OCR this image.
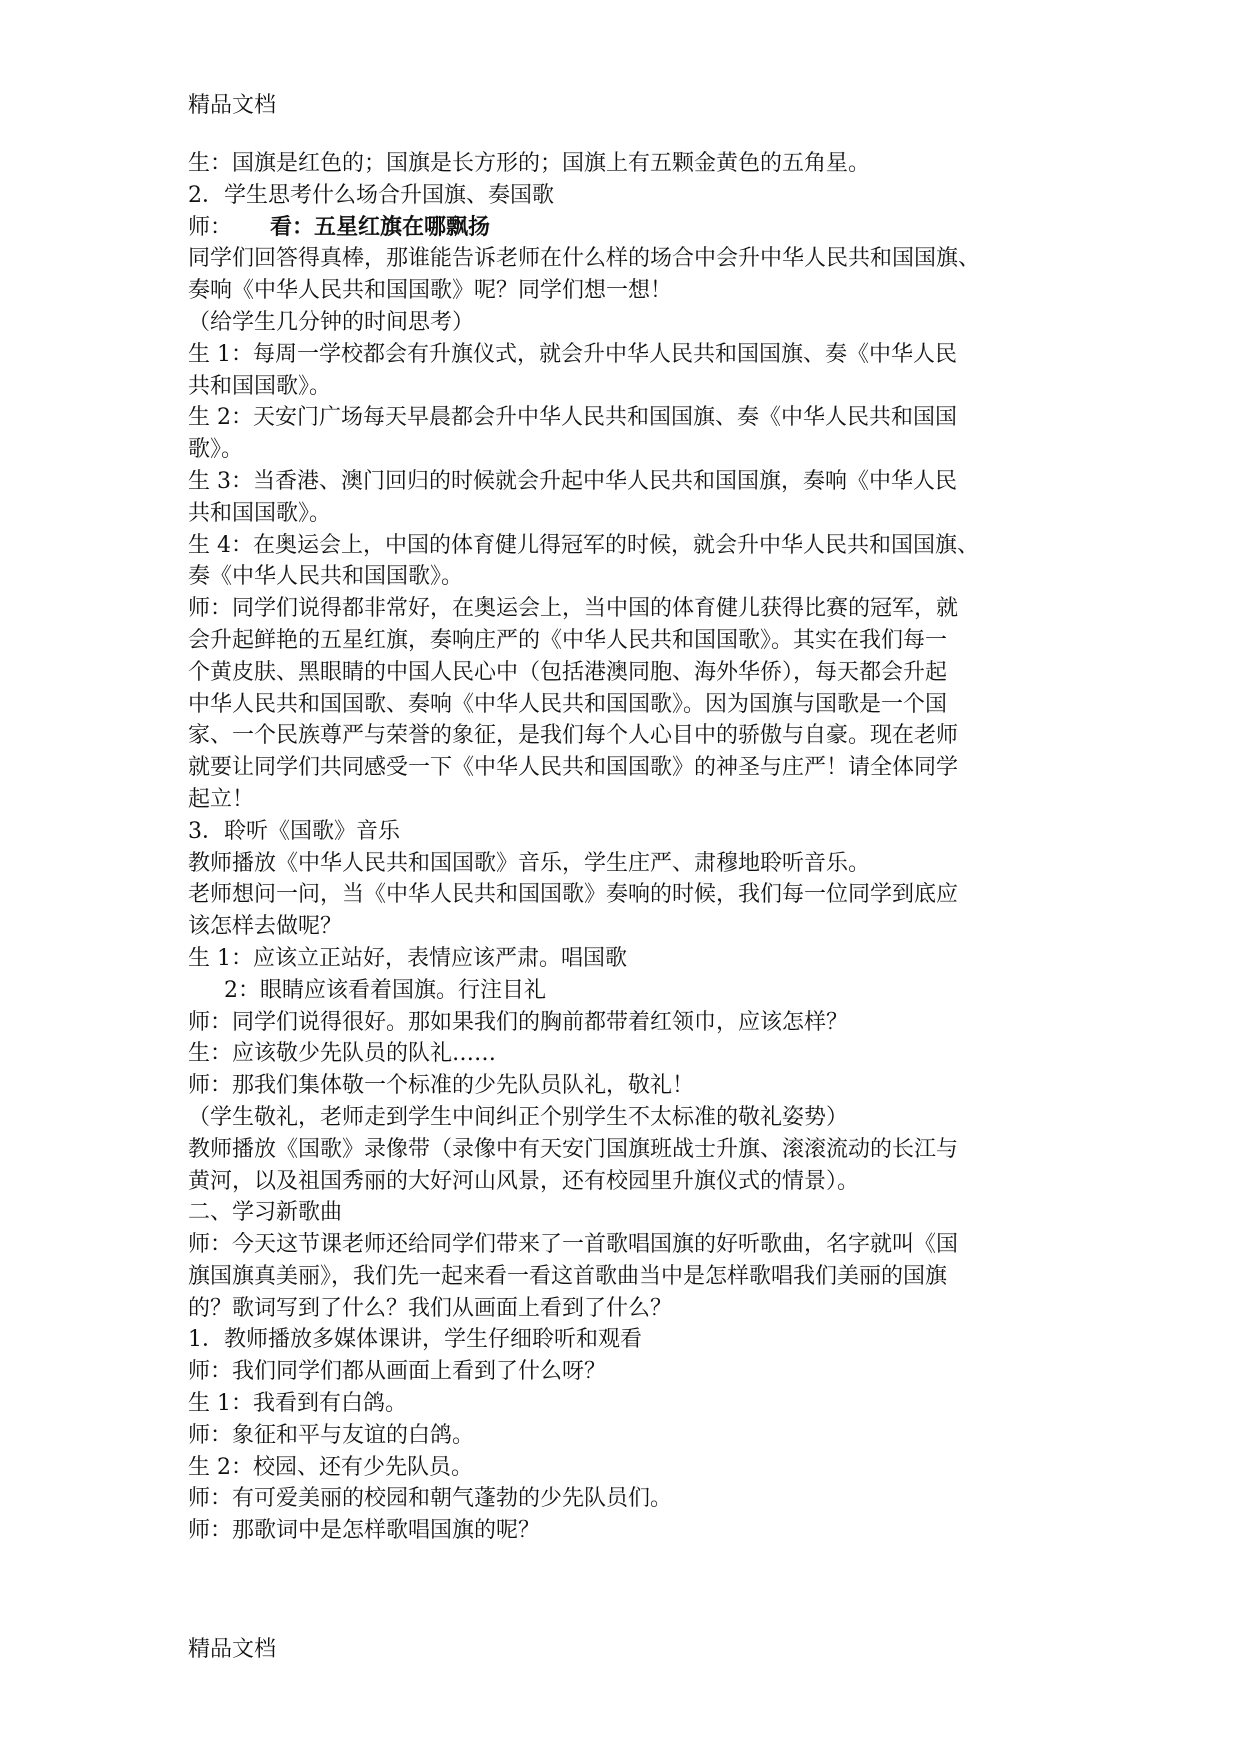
精品文档
生：国旗是红色的；国旗是长方形的；国旗上有五颗金黄色的五角星。
2．学生思考什么场合升国旗、奏国歌
师： 看：五星红旗在哪飘扬
同学们回答得真棒，那谁能告诉老师在什么样的场合中会升中华人民共和国国旗、
奏响《中华人民共和国国歌》呢？同学们想一想！
（给学生几分钟的时间思考）
生 1：每周一学校都会有升旗仪式，就会升中华人民共和国国旗、奏《中华人民
共和国国歌》。
生 2：天安门广场每天早晨都会升中华人民共和国国旗、奏《中华人民共和国国
歌》。
生 3：当香港、澳门回归的时候就会升起中华人民共和国国旗，奏响《中华人民
共和国国歌》。
生 4：在奥运会上，中国的体育健儿得冠军的时候，就会升中华人民共和国国旗、
奏《中华人民共和国国歌》。
师：同学们说得都非常好，在奥运会上，当中国的体育健儿获得比赛的冠军，就
会升起鲜艳的五星红旗，奏响庄严的《中华人民共和国国歌》。其实在我们每一
个黄皮肤、黑眼睛的中国人民心中（包括港澳同胞、海外华侨），每天都会升起
中华人民共和国国歌、奏响《中华人民共和国国歌》。因为国旗与国歌是一个国
家、一个民族尊严与荣誉的象征，是我们每个人心目中的骄傲与自豪。现在老师
就要让同学们共同感受一下《中华人民共和国国歌》的神圣与庄严！请全体同学
起立！
3．聆听《国歌》音乐
教师播放《中华人民共和国国歌》音乐，学生庄严、肃穆地聆听音乐。
老师想问一问，当《中华人民共和国国歌》奏响的时候，我们每一位同学到底应
该怎样去做呢？
生 1：应该立正站好，表情应该严肃。唱国歌
2：眼睛应该看着国旗。行注目礼
师：同学们说得很好。那如果我们的胸前都带着红领巾，应该怎样？
生：应该敬少先队员的队礼……
师：那我们集体敬一个标准的少先队员队礼，敬礼！
（学生敬礼，老师走到学生中间纠正个别学生不太标准的敬礼姿势）
教师播放《国歌》录像带（录像中有天安门国旗班战士升旗、滚滚流动的长江与
黄河，以及祖国秀丽的大好河山风景，还有校园里升旗仪式的情景）。
二、学习新歌曲
师：今天这节课老师还给同学们带来了一首歌唱国旗的好听歌曲，名字就叫《国
旗国旗真美丽》，我们先一起来看一看这首歌曲当中是怎样歌唱我们美丽的国旗
的？歌词写到了什么？我们从画面上看到了什么？
1．教师播放多媒体课讲，学生仔细聆听和观看
师：我们同学们都从画面上看到了什么呀？
生 1：我看到有白鸽。
师：象征和平与友谊的白鸽。
生 2：校园、还有少先队员。
师：有可爱美丽的校园和朝气蓬勃的少先队员们。
师：那歌词中是怎样歌唱国旗的呢？
精品文档
